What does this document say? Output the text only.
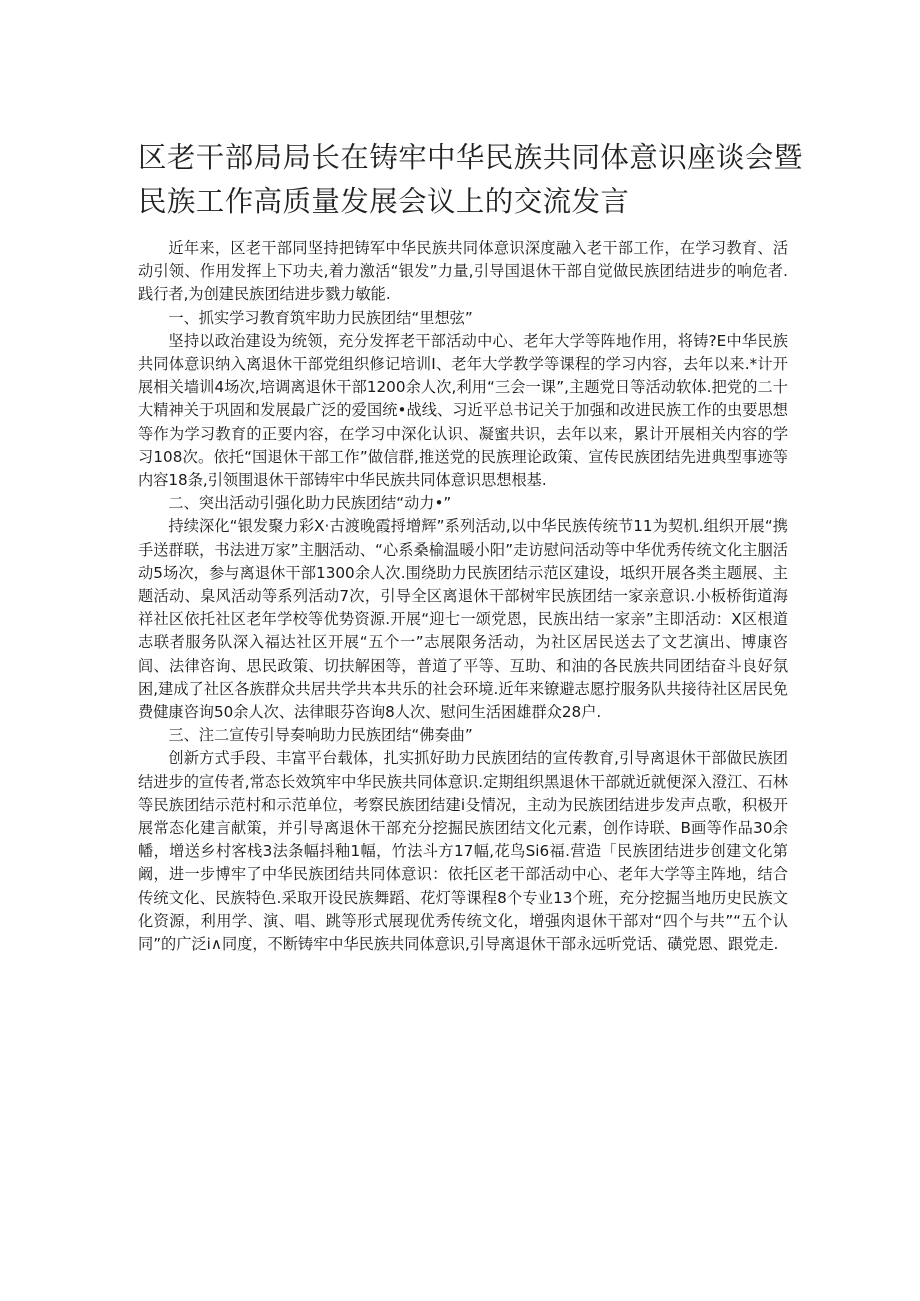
区老干部局局长在铸牢中华民族共同体意识座谈会暨
民族工作高质量发展会议上的交流发言

近年来，区老干部同坚持把铸军中华民族共同体意识深度融入老干部工作，在学习教育、活动引领、作用发挥上下功夫,着力激活“银发”力量,引导国退休干部自觉做民族团结进步的响危者.践行者,为创建民族团结进步戮力敏能.

一、抓实学习教育筑牢助力民族团结“里想弦”

坚持以政治建设为统领，充分发挥老干部活动中心、老年大学等阵地作用，将铸?E中华民族共同体意识纳入离退休干部党组织修记培训I、老年大学教学等课程的学习内容，去年以来.*计开展相关墙训4场次,培调离退休干部1200余人次,利用“三会一课”,主题党日等活动软体.把党的二十大精神关于巩固和发展最广泛的爱国统•战线、习近平总书记关于加强和改进民族工作的虫要思想等作为学习教育的正要内容，在学习中深化认识、凝蜜共识，去年以来，累计开展相关内容的学习108次。依托“国退休干部工作”做信群,推送党的民族理论政策、宣传民族团结先进典型事迹等内容18条,引领围退休干部铸牢中华民族共同体意识思想根基.

二、突出活动引强化助力民族团结“动力•”

持续深化“银发聚力彩X·古渡晚霞捋增辉”系列活动,以中华民族传统节11为契机.组织开展“携手送群联，书法进万家”主胭活动、“心系桑榆温暖小阳”走访慰问活动等中华优秀传统文化主胭活动5场次，参与离退休干部1300余人次.围绕助力民族团结示范区建设，坻织开展各类主题展、主题活动、臬风活动等系列活动7次，引导全区离退休干部树牢民族团结一家亲意识.小板桥街道海祥社区依托社区老年学校等优势资源.开展“迎七一颂党恩，民族出结一家亲”主即活动：X区根道志联者服务队深入福达社区开展“五个一”志展限务活动，为社区居民送去了文艺演出、博康咨闾、法律咨询、思民政策、切扶解困等，普道了平等、互助、和油的各民族共同团结奋斗良好氛困,建成了社区各族群众共居共学共本共乐的社会环境.近年来镣避志愿拧服务队共接待社区居民免费健康咨询50余人次、法律眼芬咨询8人次、慰问生活困雄群众28户.

三、注二宣传引导奏响助力民族团结“佛奏曲”

创新方式手段、丰富平台载体，扎实抓好助力民族团结的宣传教育,引导离退休干部做民族团结进步的宣传者,常态长效筑牢中华民族共同体意识.定期组织黑退休干部就近就便深入澄江、石林等民族团结示范村和示范单位，考察民族团结建i殳情况，主动为民族团结进步发声点歌，积极开展常态化建言献策，并引导离退休干部充分挖掘民族团结文化元素，创作诗联、B画等作品30余幡，增送乡村客栈3法条幅抖釉1幅，竹法斗方17幅,花鸟Si6福.营造「民族团结进步创建文化第阚，进一步博牢了中华民族团结共同体意识：依托区老干部活动中心、老年大学等主阵地，结合传统文化、民族特色.采取开设民族舞蹈、花灯等课程8个专业13个班，充分挖掘当地历史民族文化资源，利用学、演、唱、跳等形式展现优秀传统文化，增强肉退休干部对“四个与共”“五个认同”的广泛i∧同度，不断铸牢中华民族共同体意识,引导离退休干部永远听党话、磺党恩、跟党走.
